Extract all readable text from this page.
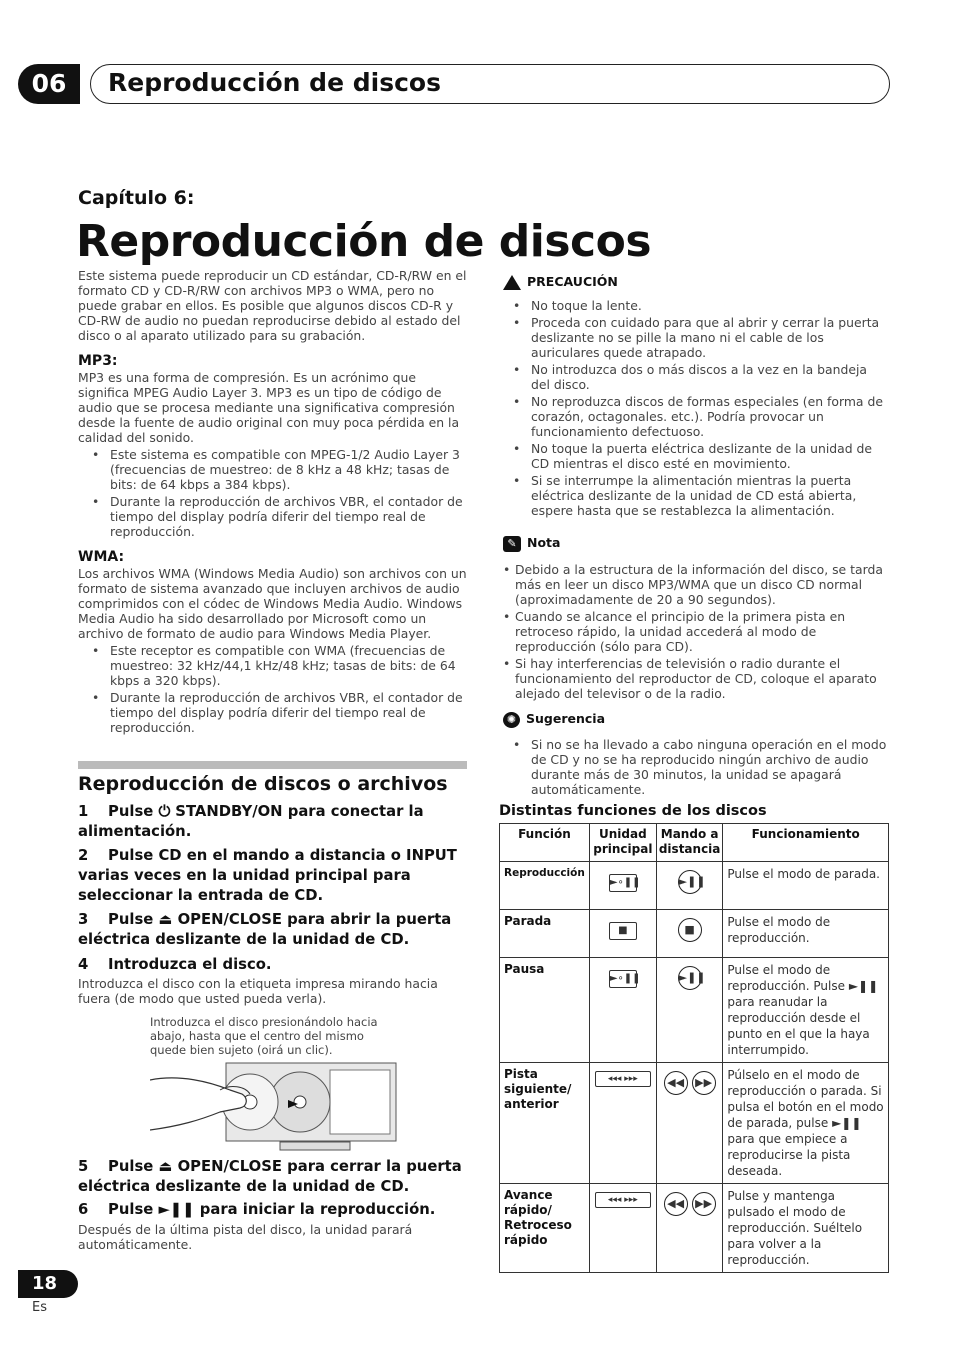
06	Reproducción de discos
Capítulo 6:
Reproducción de discos

Este sistema puede reproducir un CD estándar, CD-R/RW en el formato CD y CD-R/RW con archivos MP3 o WMA, pero no puede grabar en ellos. Es posible que algunos discos CD-R y CD-RW de audio no puedan reproducirse debido al estado del disco o al aparato utilizado para su grabación.

MP3:

MP3 es una forma de compresión. Es un acrónimo que significa MPEG Audio Layer 3. MP3 es un tipo de código de audio que se procesa mediante una significativa compresión desde la fuente de audio original con muy poca pérdida en la calidad del sonido.

• Este sistema es compatible con MPEG-1/2 Audio Layer 3 (frecuencias de muestreo: de 8 kHz a 48 kHz; tasas de bits: de 64 kbps a 384 kbps).
• Durante la reproducción de archivos VBR, el contador de tiempo del display podría diferir del tiempo real de reproducción.
WMA:

Los archivos WMA (Windows Media Audio) son archivos con un formato de sistema avanzado que incluyen archivos de audio comprimidos con el códec de Windows Media Audio. Windows Media Audio ha sido desarrollado por Microsoft como un archivo de formato de audio para Windows Media Player.

• Este receptor es compatible con WMA (frecuencias de muestreo: 32 kHz/44,1 kHz/48 kHz; tasas de bits: de 64 kbps a 320 kbps).
• Durante la reproducción de archivos VBR, el contador de tiempo del display podría diferir del tiempo real de reproducción.
Reproducción de discos o archivos
1 Pulse ⏻ STANDBY/ON para conectar la alimentación.
2 Pulse CD en el mando a distancia o INPUT varias veces en la unidad principal para seleccionar la entrada de CD.
3 Pulse ⏏ OPEN/CLOSE para abrir la puerta eléctrica deslizante de la unidad de CD.
4 Introduzca el disco.
Introduzca el disco con la etiqueta impresa mirando hacia fuera (de modo que usted pueda verla).
Introduzca el disco presionándolo hacia abajo, hasta que el centro del mismo quede bien sujeto (oirá un clic).
5 Pulse ⏏ OPEN/CLOSE para cerrar la puerta eléctrica deslizante de la unidad de CD.
6 Pulse ►❚❚ para iniciar la reproducción.
Después de la última pista del disco, la unidad parará automáticamente.
PRECAUCIÓN
• No toque la lente.
• Proceda con cuidado para que al abrir y cerrar la puerta deslizante no se pille la mano ni el cable de los auriculares quede atrapado.
• No introduzca dos o más discos a la vez en la bandeja del disco.
• No reproduzca discos de formas especiales (en forma de corazón, octagonales. etc.). Podría provocar un funcionamiento defectuoso.
• No toque la puerta eléctrica deslizante de la unidad de CD mientras el disco esté en movimiento.
• Si se interrumpe la alimentación mientras la puerta eléctrica deslizante de la unidad de CD está abierta, espere hasta que se restablezca la alimentación.
✎ Nota
• Debido a la estructura de la información del disco, se tarda más en leer un disco MP3/WMA que un disco CD normal (aproximadamente de 20 a 90 segundos).
• Cuando se alcance el principio de la primera pista en retroceso rápido, la unidad accederá al modo de reproducción (sólo para CD).
• Si hay interferencias de televisión o radio durante el funcionamiento del reproductor de CD, coloque el aparato alejado del televisor o de la radio.
✺ Sugerencia
• Si no se ha llevado a cabo ninguna operación en el modo de CD y no se ha reproducido ningún archivo de audio durante más de 30 minutos, la unidad se apagará automáticamente.
Distintas funciones de los discos
Función	Unidad principal	Mando a distancia	Funcionamiento
Reproducción	►∘❚❚	►❚❚	Pulse el modo de parada.
Parada	■	■	Pulse el modo de reproducción.
Pausa	►∘❚❚	►❚❚	Pulse el modo de reproducción. Pulse ►❚❚ para reanudar la reproducción desde el punto en el que la haya interrumpido.
Pista siguiente/ anterior	◂◂◂ ▸▸▸	◀◀ ▶▶	Púlselo en el modo de reproducción o parada. Si pulsa el botón en el modo de parada, pulse ►❚❚ para que empiece a reproducirse la pista deseada.
Avance rápido/ Retroceso rápido	◂◂◂ ▸▸▸	◀◀ ▶▶	Pulse y mantenga pulsado el modo de reproducción. Suéltelo para volver a la reproducción.
18
Es
